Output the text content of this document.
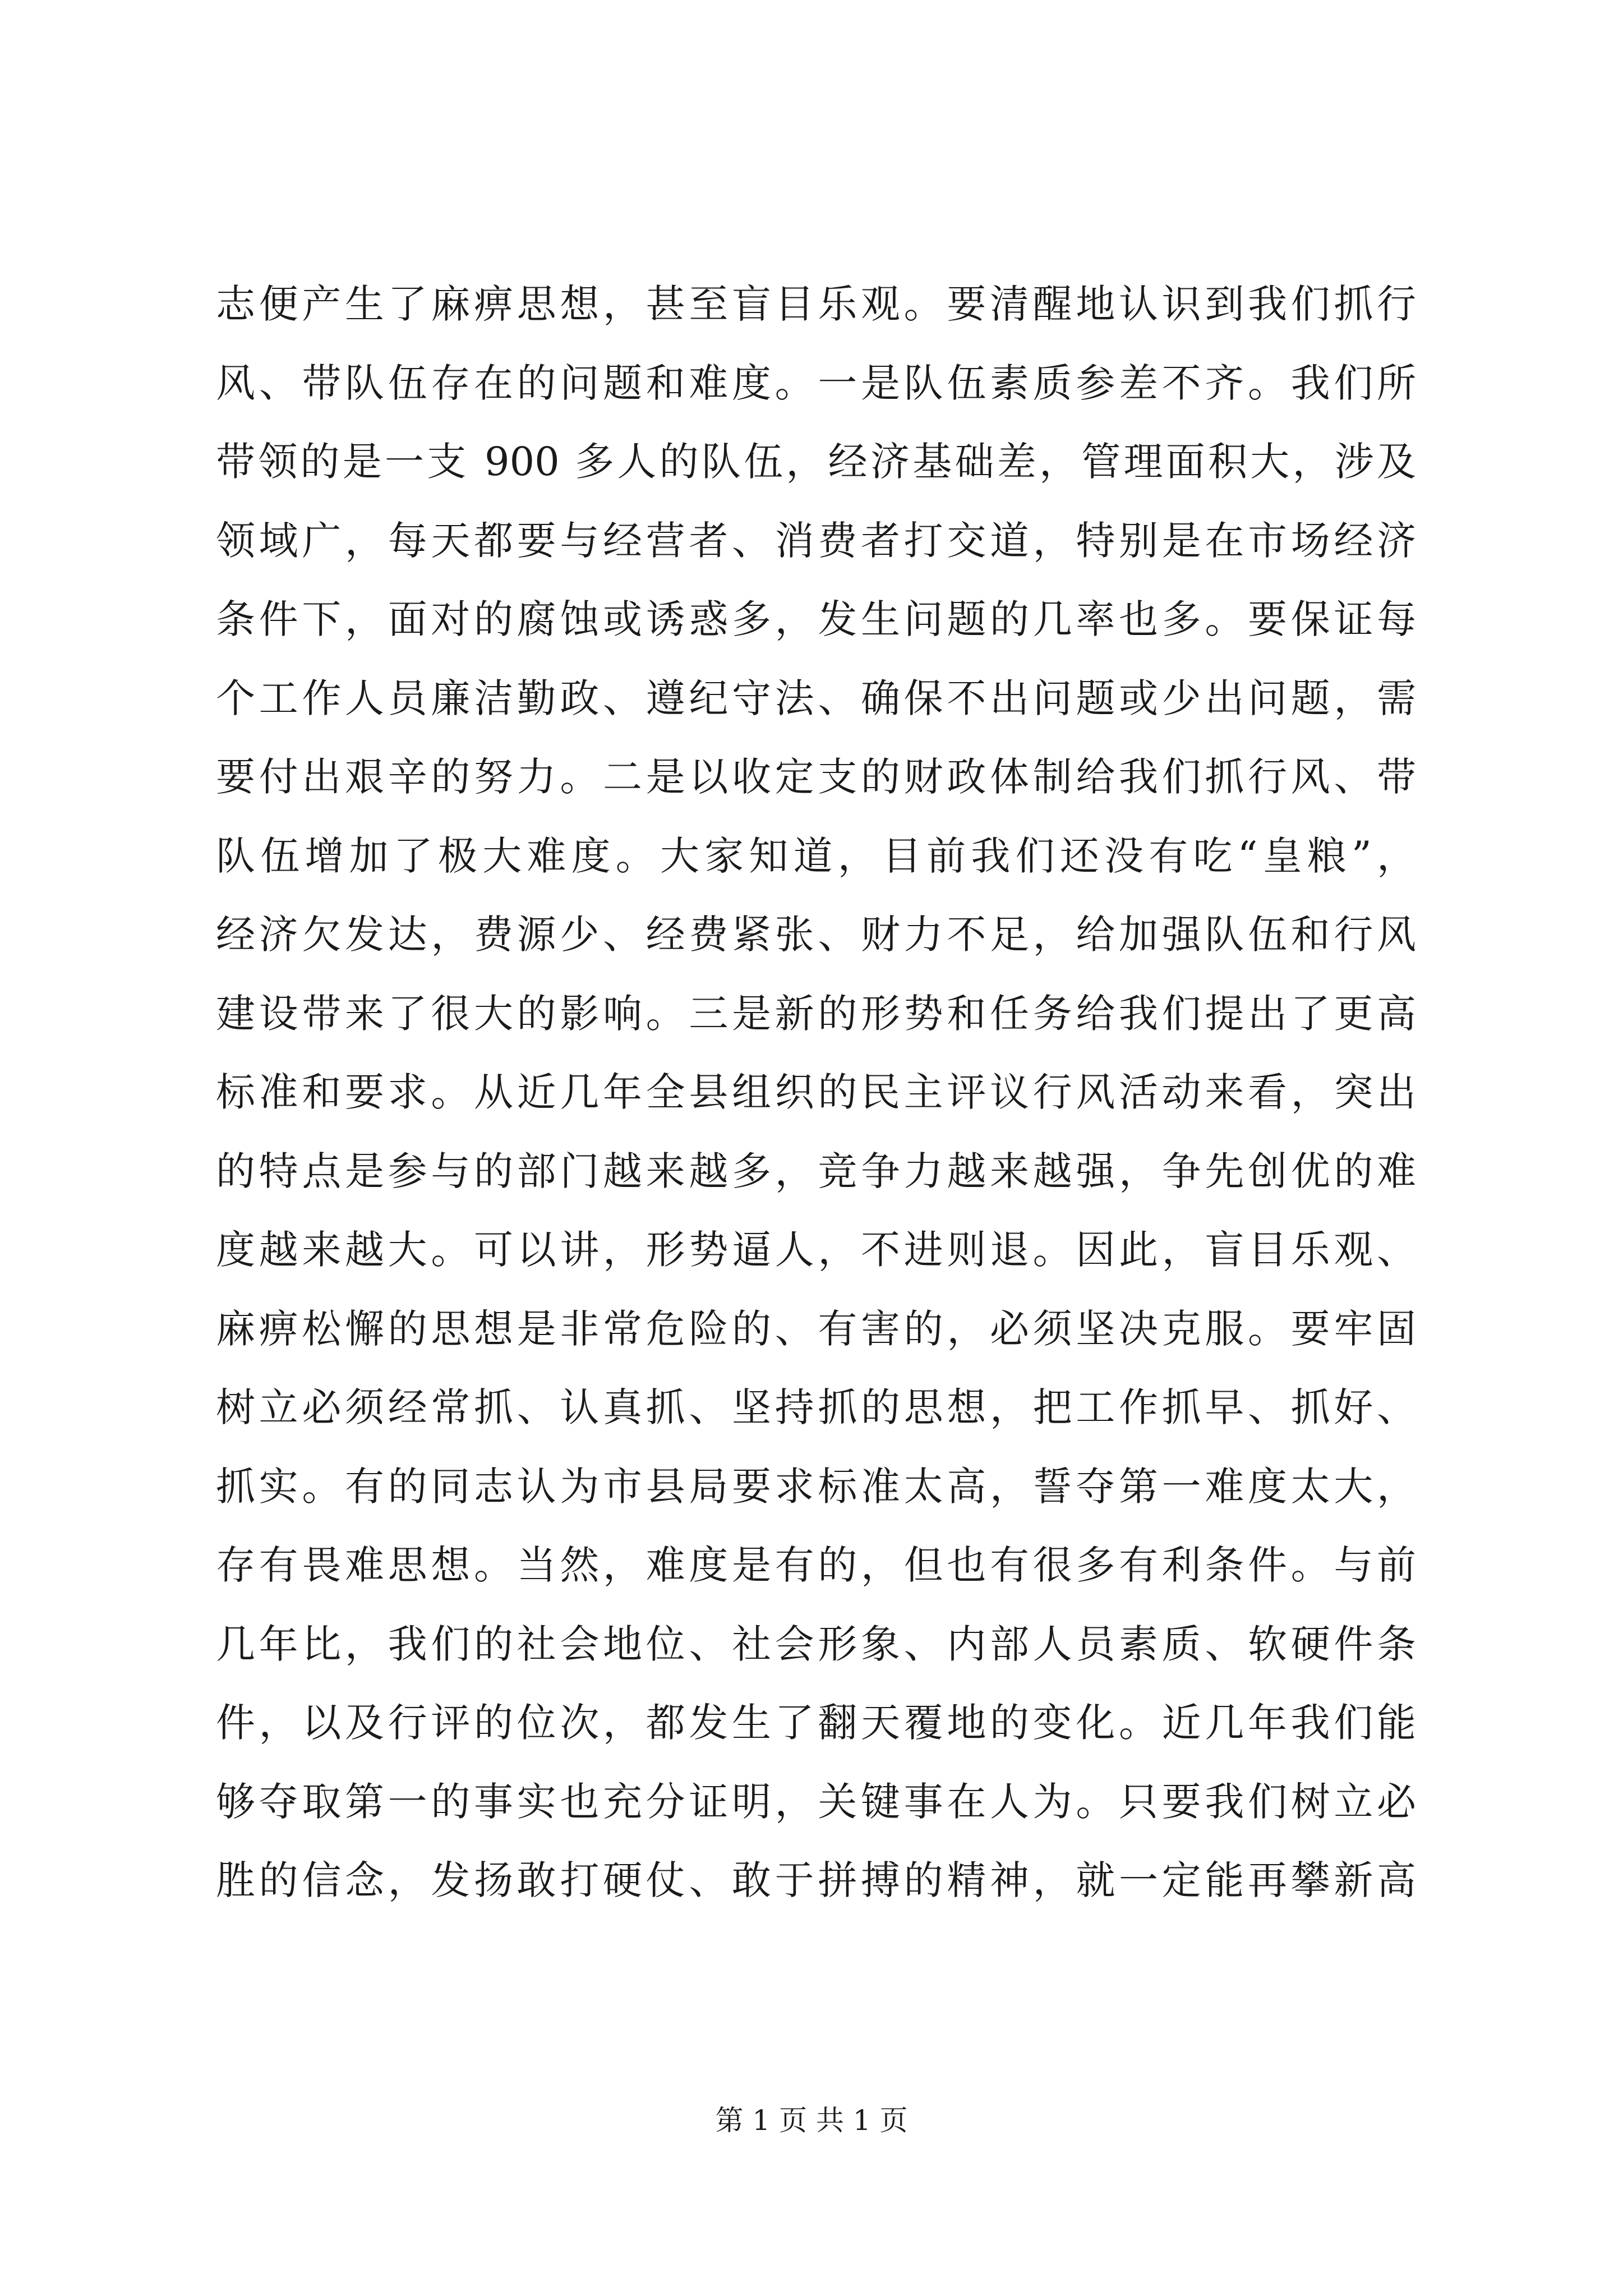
志便产生了麻痹思想，甚至盲目乐观。要清醒地认识到我们抓行
风、带队伍存在的问题和难度。一是队伍素质参差不齐。我们所
带领的是一支 900 多人的队伍，经济基础差，管理面积大，涉及
领域广，每天都要与经营者、消费者打交道，特别是在市场经济
条件下，面对的腐蚀或诱惑多，发生问题的几率也多。要保证每
个工作人员廉洁勤政、遵纪守法、确保不出问题或少出问题，需
要付出艰辛的努力。二是以收定支的财政体制给我们抓行风、带
队伍增加了极大难度。大家知道，目前我们还没有吃“皇粮”，
经济欠发达，费源少、经费紧张、财力不足，给加强队伍和行风
建设带来了很大的影响。三是新的形势和任务给我们提出了更高
标准和要求。从近几年全县组织的民主评议行风活动来看，突出
的特点是参与的部门越来越多，竞争力越来越强，争先创优的难
度越来越大。可以讲，形势逼人，不进则退。因此，盲目乐观、
麻痹松懈的思想是非常危险的、有害的，必须坚决克服。要牢固
树立必须经常抓、认真抓、坚持抓的思想，把工作抓早、抓好、
抓实。有的同志认为市县局要求标准太高，誓夺第一难度太大，
存有畏难思想。当然，难度是有的，但也有很多有利条件。与前
几年比，我们的社会地位、社会形象、内部人员素质、软硬件条
件，以及行评的位次，都发生了翻天覆地的变化。近几年我们能
够夺取第一的事实也充分证明，关键事在人为。只要我们树立必
胜的信念，发扬敢打硬仗、敢于拼搏的精神，就一定能再攀新高
第 1 页 共 1 页
